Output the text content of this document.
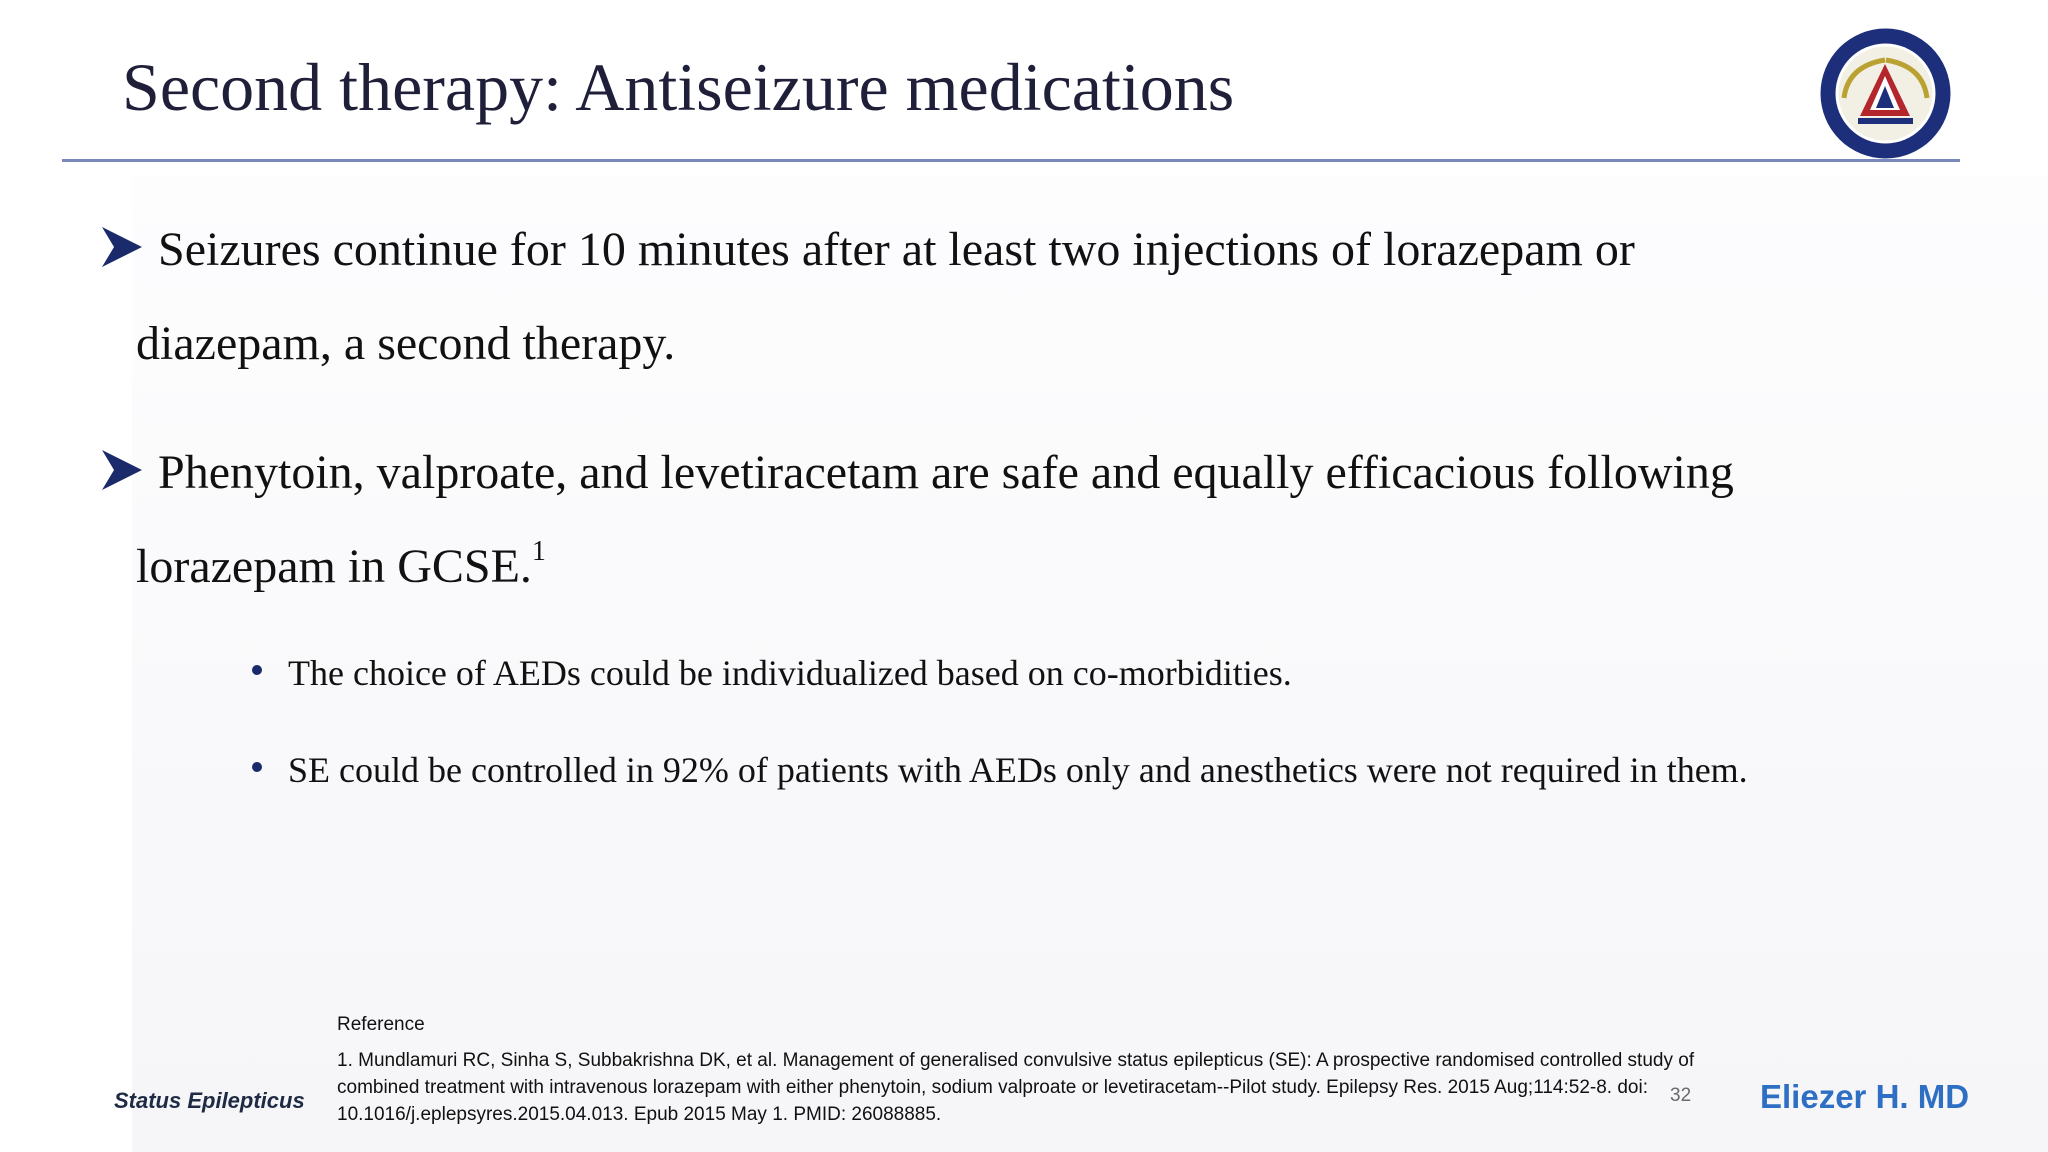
Second therapy: Antiseizure medications
Seizures continue for 10 minutes after at least two injections of lorazepam or
diazepam, a second therapy.
Phenytoin, valproate, and levetiracetam are safe and equally efficacious following
lorazepam in GCSE.$^1$
The choice of AEDs could be individualized based on co-morbidities.
SE could be controlled in 92% of patients with AEDs only and anesthetics were not required in them.
Reference
1. Mundlamuri RC, Sinha S, Subbakrishna DK, et al. Management of generalised convulsive status epilepticus (SE): A prospective randomised controlled study of
combined treatment with intravenous lorazepam with either phenytoin, sodium valproate or levetiracetam--Pilot study. Epilepsy Res. 2015 Aug;114:52-8. doi:
10.1016/j.eplepsyres.2015.04.013. Epub 2015 May 1. PMID: 26088885.
Status Epilepticus	32 Eliezer H. MD
